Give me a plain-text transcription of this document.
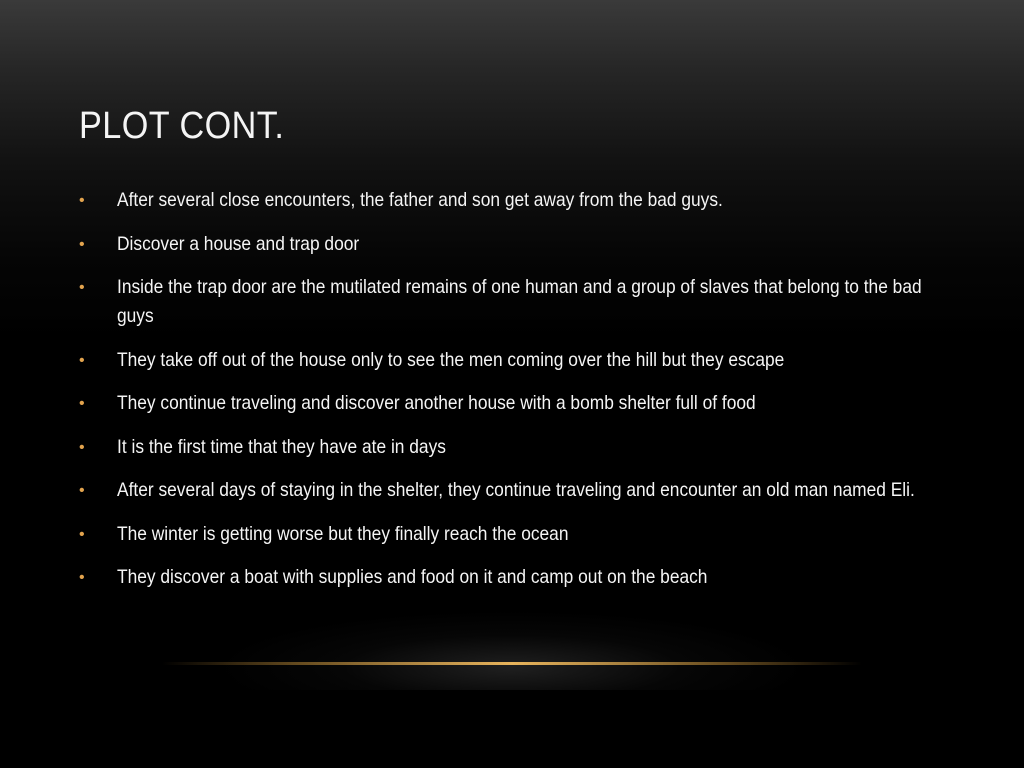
PLOT CONT.
• After several close encounters, the father and son get away from the bad guys.
• Discover a house and trap door
• Inside the trap door are the mutilated remains of one human and a group of slaves that belong to the bad guys
• They take off out of the house only to see the men coming over the hill but they escape
• They continue traveling and discover another house with a bomb shelter full of food
• It is the first time that they have ate in days
• After several days of staying in the shelter, they continue traveling and encounter an old man named Eli.
• The winter is getting worse but they finally reach the ocean
• They discover a boat with supplies and food on it and camp out on the beach
